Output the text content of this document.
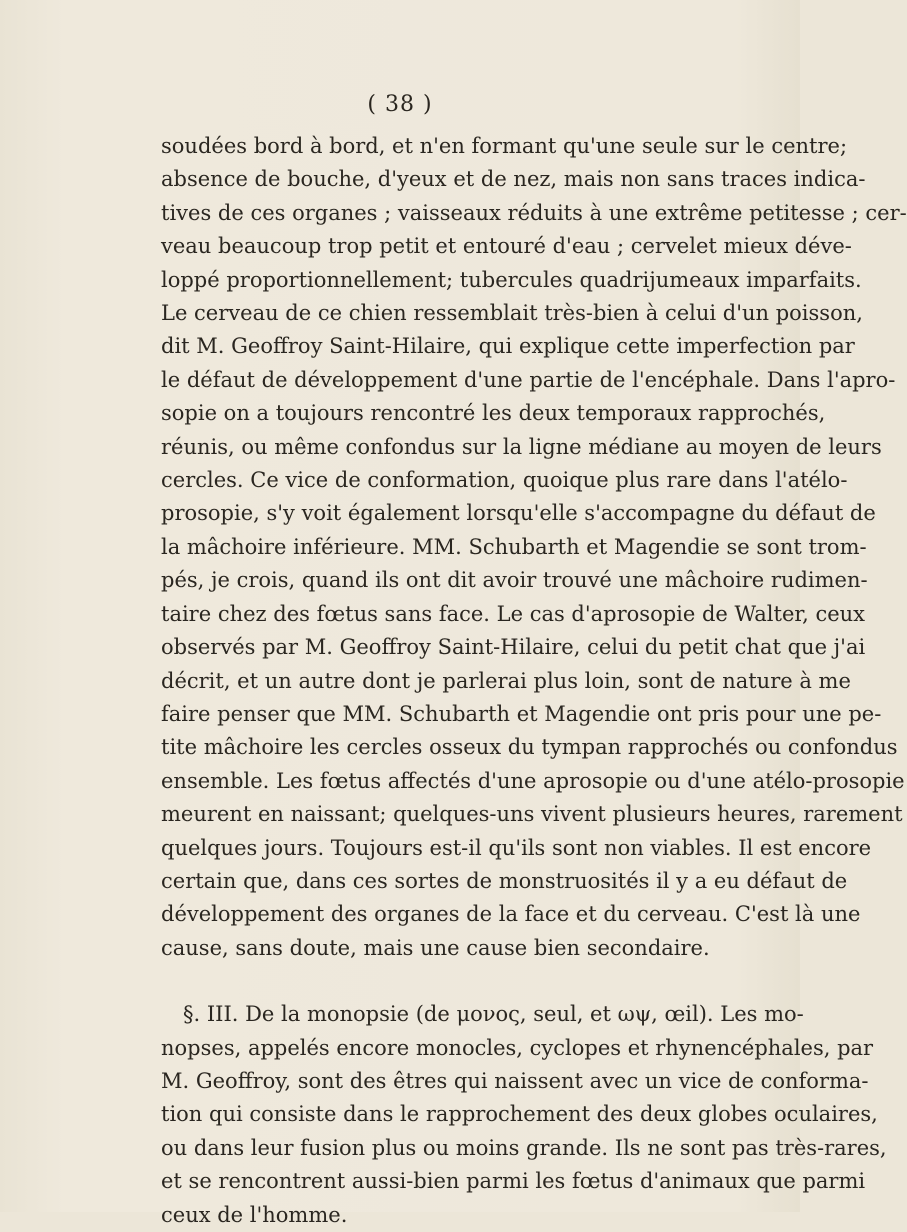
( 38 )
soudées bord à bord, et n'en formant qu'une seule sur le centre;
absence de bouche, d'yeux et de nez, mais non sans traces indica-
tives de ces organes ; vaisseaux réduits à une extrême petitesse ; cer-
veau beaucoup trop petit et entouré d'eau ; cervelet mieux déve-
loppé proportionnellement; tubercules quadrijumeaux imparfaits.
Le cerveau de ce chien ressemblait très-bien à celui d'un poisson,
dit M. Geoffroy Saint-Hilaire, qui explique cette imperfection par
le défaut de développement d'une partie de l'encéphale. Dans l'apro-
sopie on a toujours rencontré les deux temporaux rapprochés,
réunis, ou même confondus sur la ligne médiane au moyen de leurs
cercles. Ce vice de conformation, quoique plus rare dans l'atélo-
prosopie, s'y voit également lorsqu'elle s'accompagne du défaut de
la mâchoire inférieure. MM. Schubarth et Magendie se sont trom-
pés, je crois, quand ils ont dit avoir trouvé une mâchoire rudimen-
taire chez des fœtus sans face. Le cas d'aprosopie de Walter, ceux
observés par M. Geoffroy Saint-Hilaire, celui du petit chat que j'ai
décrit, et un autre dont je parlerai plus loin, sont de nature à me
faire penser que MM. Schubarth et Magendie ont pris pour une pe-
tite mâchoire les cercles osseux du tympan rapprochés ou confondus
ensemble. Les fœtus affectés d'une aprosopie ou d'une atélo-prosopie
meurent en naissant; quelques-uns vivent plusieurs heures, rarement
quelques jours. Toujours est-il qu'ils sont non viables. Il est encore
certain que, dans ces sortes de monstruosités il y a eu défaut de
développement des organes de la face et du cerveau. C'est là une
cause, sans doute, mais une cause bien secondaire.
§. III. De la monopsie (de μονος, seul, et ωψ, œil). Les mo-
nopses, appelés encore monocles, cyclopes et rhynencéphales, par
M. Geoffroy, sont des êtres qui naissent avec un vice de conforma-
tion qui consiste dans le rapprochement des deux globes oculaires,
ou dans leur fusion plus ou moins grande. Ils ne sont pas très-rares,
et se rencontrent aussi-bien parmi les fœtus d'animaux que parmi
ceux de l'homme.
